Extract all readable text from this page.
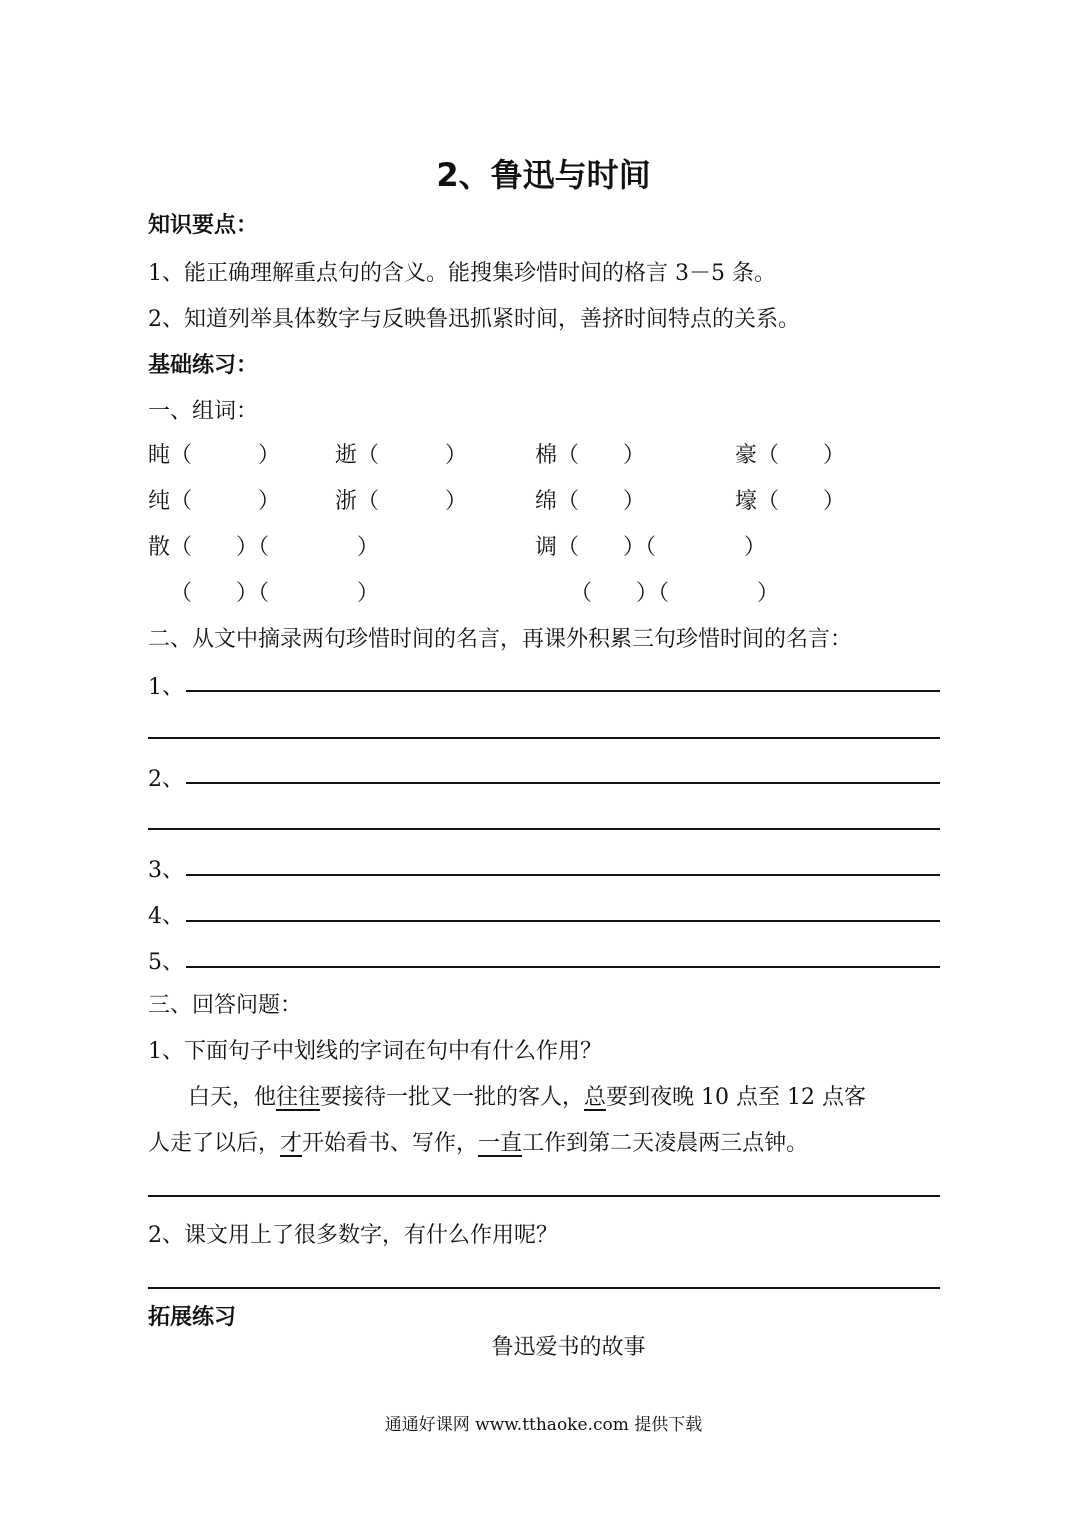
2、鲁迅与时间
知识要点：
1、能正确理解重点句的含义。能搜集珍惜时间的格言 3－5 条。
2、知道列举具体数字与反映鲁迅抓紧时间，善挤时间特点的关系。
基础练习：
一、组词：
盹（　　　） 逝（　　　）	棉（　　）	豪（　　）
纯（　　　） 浙（　　　）	绵（　　）	壕（　　）
散（　　）（　　　　）	调（　　）（　　　　）
（　　）（　　　　）	（　　）（　　　　）
二、从文中摘录两句珍惜时间的名言，再课外积累三句珍惜时间的名言：
1、
2、
3、
4、
5、
三、回答问题：
1、下面句子中划线的字词在句中有什么作用？
白天，他往往要接待一批又一批的客人，总要到夜晚 10 点至 12 点客
人走了以后，才开始看书、写作，一直工作到第二天凌晨两三点钟。
2、课文用上了很多数字，有什么作用呢？
拓展练习
鲁迅爱书的故事
通通好课网 www.tthaoke.com 提供下载
